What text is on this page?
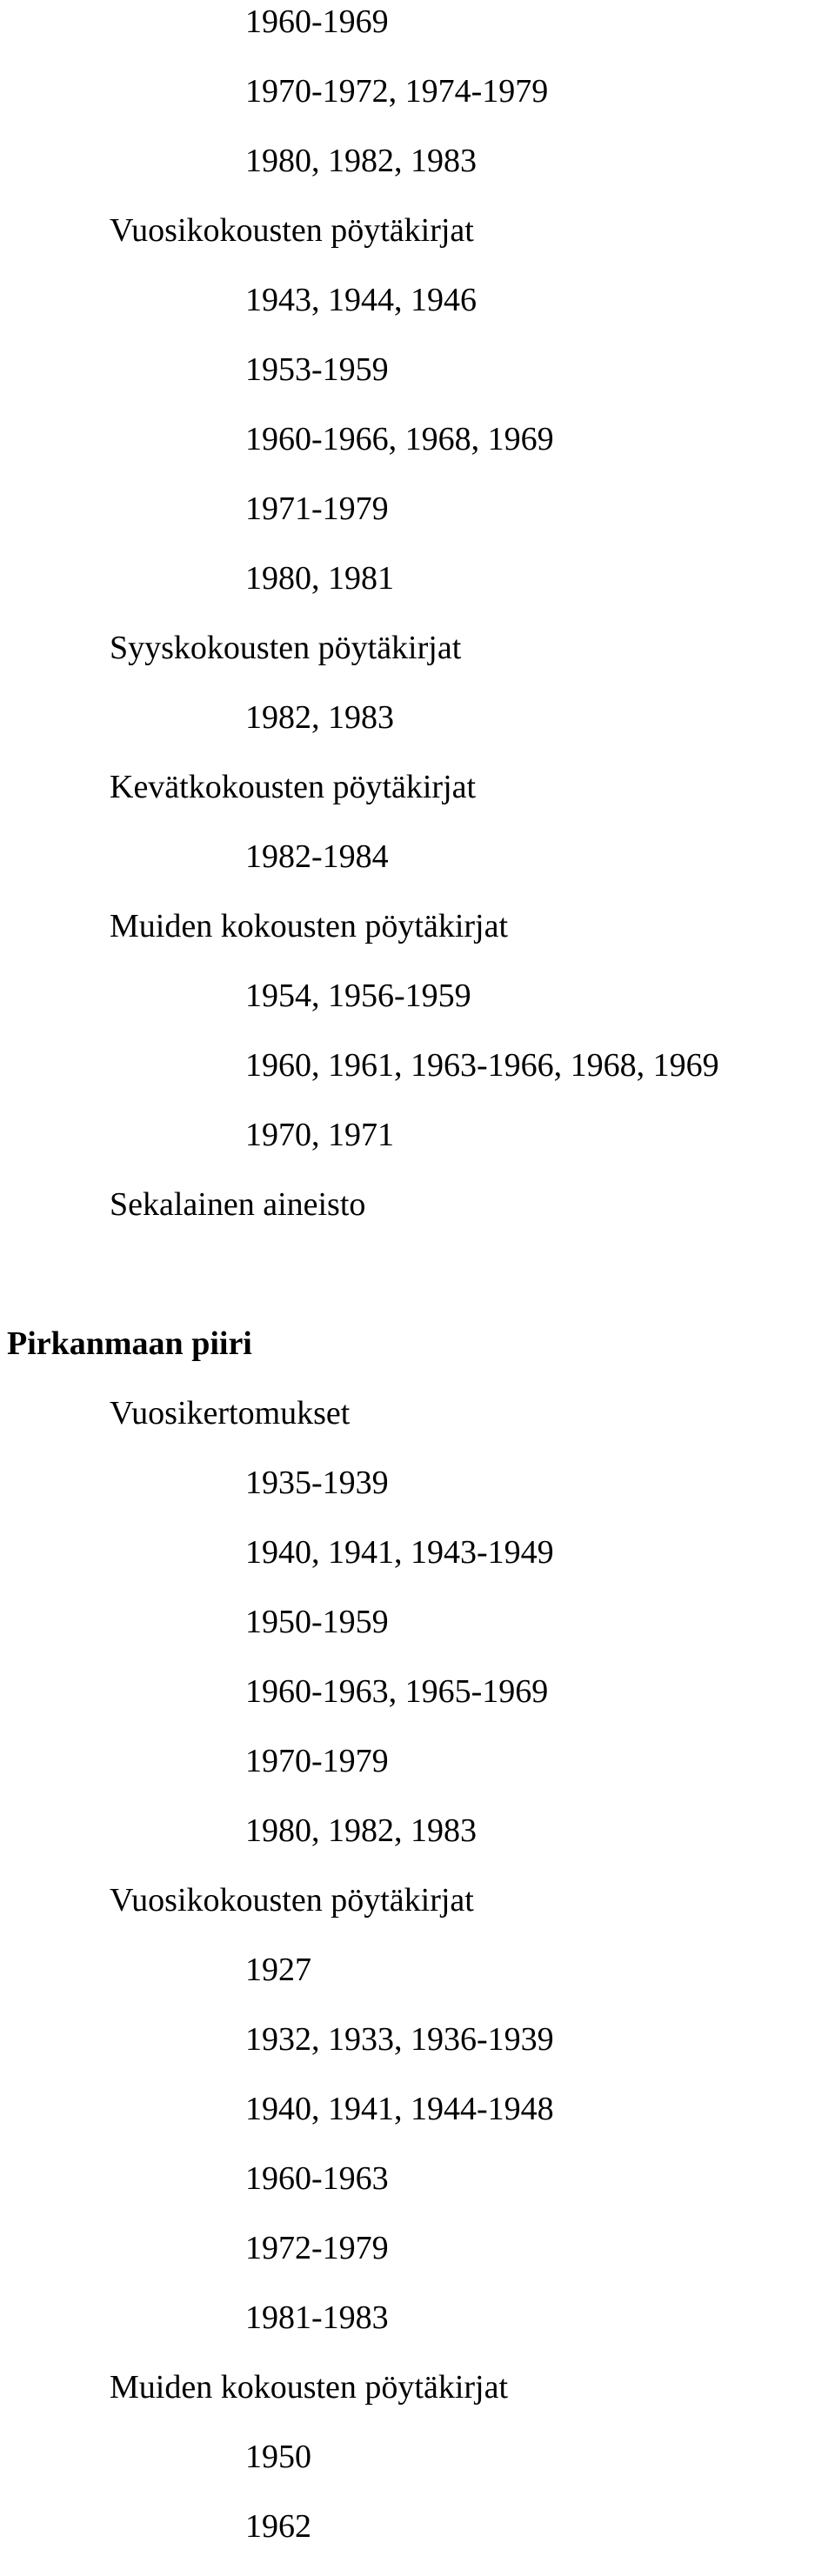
1960-1969
1970-1972, 1974-1979
1980, 1982, 1983
Vuosikokousten pöytäkirjat
1943, 1944, 1946
1953-1959
1960-1966, 1968, 1969
1971-1979
1980, 1981
Syyskokousten pöytäkirjat
1982, 1983
Kevätkokousten pöytäkirjat
1982-1984
Muiden kokousten pöytäkirjat
1954, 1956-1959
1960, 1961, 1963-1966, 1968, 1969
1970, 1971
Sekalainen aineisto
Pirkanmaan piiri
Vuosikertomukset
1935-1939
1940, 1941, 1943-1949
1950-1959
1960-1963, 1965-1969
1970-1979
1980, 1982, 1983
Vuosikokousten pöytäkirjat
1927
1932, 1933, 1936-1939
1940, 1941, 1944-1948
1960-1963
1972-1979
1981-1983
Muiden kokousten pöytäkirjat
1950
1962
